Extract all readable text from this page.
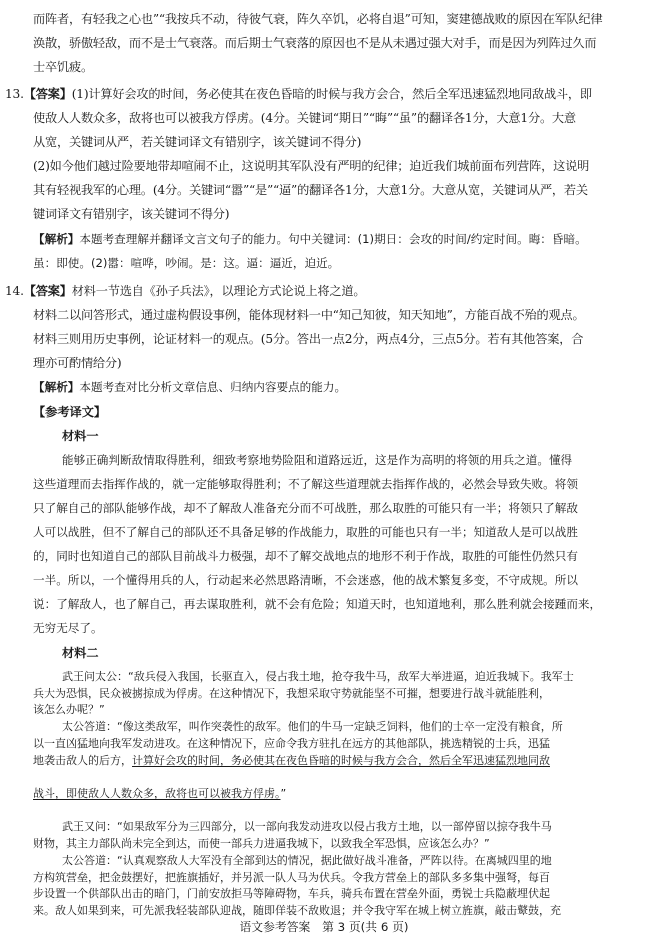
而阵者，有轻我之心也”“我按兵不动，待彼气衰，阵久卒饥，必将自退”可知，窦建德战败的原因在军队纪律
涣散，骄傲轻敌，而不是士气衰落。而后期士气衰落的原因也不是从未遇过强大对手，而是因为列阵过久而
士卒饥疲。
13.【答案】(1)计算好会攻的时间，务必使其在夜色昏暗的时候与我方会合，然后全军迅速猛烈地同敌战斗，即
使敌人人数众多，敌将也可以被我方俘虏。(4分。关键词“期日”“晦”“虽”的翻译各1分，大意1分。大意
从宽，关键词从严，若关键词译文有错别字，该关键词不得分)
(2)如今他们越过险要地带却喧闹不止，这说明其军队没有严明的纪律；迫近我们城前面布列营阵，这说明
其有轻视我军的心理。(4分。关键词“嚣”“是”“逼”的翻译各1分，大意1分。大意从宽，关键词从严，若关
键词译文有错别字，该关键词不得分)
【解析】本题考查理解并翻译文言文句子的能力。句中关键词：(1)期日：会攻的时间/约定时间。晦：昏暗。
虽：即使。(2)嚣：喧哗，吵闹。是：这。逼：逼近，迫近。
14.【答案】材料一节选自《孙子兵法》，以理论方式论说上将之道。
材料二以问答形式，通过虚构假设事例，能体现材料一中“知己知彼，知天知地”，方能百战不殆的观点。
材料三则用历史事例，论证材料一的观点。(5分。答出一点2分，两点4分，三点5分。若有其他答案，合
理亦可酌情给分)
【解析】本题考查对比分析文章信息、归纳内容要点的能力。
【参考译文】
材料一
能够正确判断敌情取得胜利，细致考察地势险阻和道路远近，这是作为高明的将领的用兵之道。懂得
这些道理而去指挥作战的，就一定能够取得胜利；不了解这些道理就去指挥作战的，必然会导致失败。将领
只了解自己的部队能够作战，却不了解敌人准备充分而不可战胜，那么取胜的可能只有一半；将领只了解敌
人可以战胜，但不了解自己的部队还不具备足够的作战能力，取胜的可能也只有一半；知道敌人是可以战胜
的，同时也知道自己的部队目前战斗力极强，却不了解交战地点的地形不利于作战，取胜的可能性仍然只有
一半。所以，一个懂得用兵的人，行动起来必然思路清晰，不会迷惑，他的战术繁复多变，不守成规。所以
说：了解敌人，也了解自己，再去谋取胜利，就不会有危险；知道天时，也知道地利，那么胜利就会接踵而来，
无穷无尽了。
材料二
武王问太公：“敌兵侵入我国，长驱直入，侵占我土地，抢夺我牛马，敌军大举进逼，迫近我城下。我军士
兵大为恐惧，民众被掳掠成为俘虏。在这种情况下，我想采取守势就能坚不可摧，想要进行战斗就能胜利，
该怎么办呢？”
太公答道：“像这类敌军，叫作突袭性的敌军。他们的牛马一定缺乏饲料，他们的士卒一定没有粮食，所
以一直凶猛地向我军发动进攻。在这种情况下，应命令我方驻扎在远方的其他部队，挑选精锐的士兵，迅猛
地袭击敌人的后方，计算好会攻的时间，务必使其在夜色昏暗的时候与我方会合，然后全军迅速猛烈地同敌
战斗，即使敌人人数众多，敌将也可以被我方俘虏。”
武王又问：“如果敌军分为三四部分，以一部向我发动进攻以侵占我方土地，以一部停留以掠夺我牛马
财物，其主力部队尚未完全到达，而使一部兵力进逼我城下，以致我全军恐惧，应该怎么办？”
太公答道：“认真观察敌人大军没有全部到达的情况，据此做好战斗准备，严阵以待。在离城四里的地
语文参考答案　第 3 页(共 6 页)
方构筑营垒，把金鼓摆好，把旌旗插好，并另派一队人马为伏兵。令我方营垒上的部队多多集中强弩，每百
步设置一个供部队出击的暗门，门前安放拒马等障碍物，车兵，骑兵布置在营垒外面，勇锐士兵隐蔽埋伏起
来。敌人如果到来，可先派我轻装部队迎战，随即佯装不敌败退；并令我守军在城上树立旌旗，敲击鼙鼓，充
